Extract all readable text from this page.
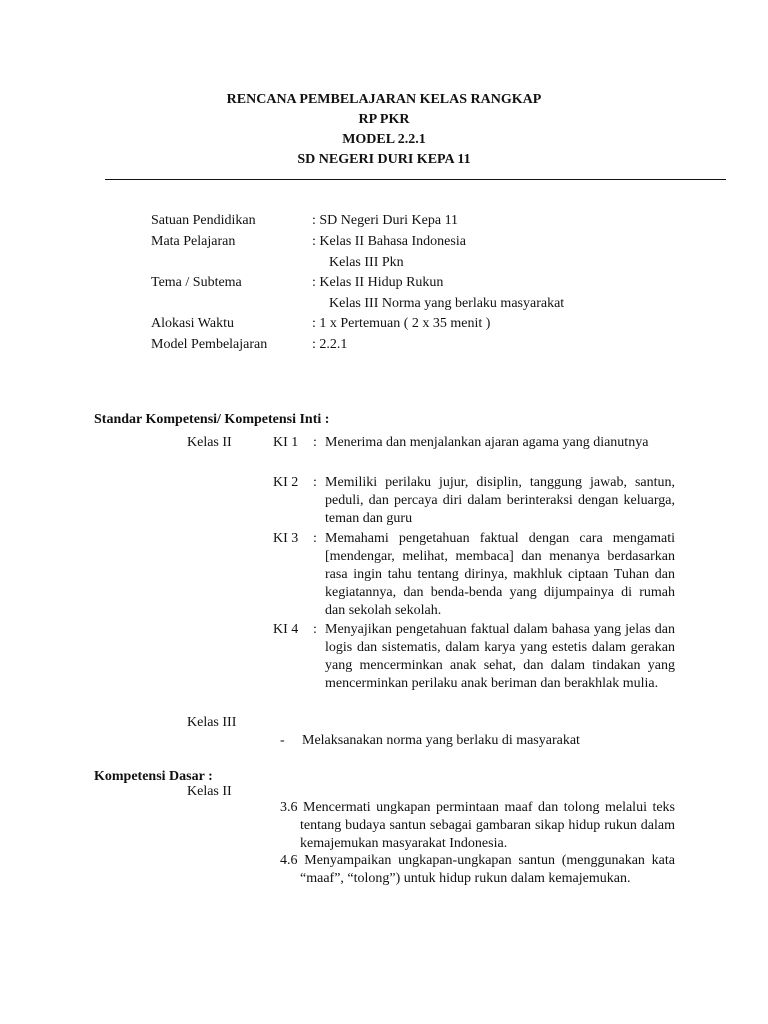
RENCANA PEMBELAJARAN KELAS RANGKAP
RP PKR
MODEL 2.2.1
SD NEGERI DURI KEPA 11
Satuan Pendidikan	: SD Negeri Duri Kepa 11
Mata Pelajaran	: Kelas II Bahasa Indonesia
Kelas III Pkn
Tema / Subtema	: Kelas II Hidup Rukun
Kelas III Norma yang berlaku masyarakat
Alokasi Waktu	: 1 x Pertemuan ( 2 x 35 menit )
Model Pembelajaran	: 2.2.1
Standar Kompetensi/ Kompetensi Inti :
Kelas II	KI 1 : Menerima dan menjalankan ajaran agama yang dianutnya
KI 2 : Memiliki perilaku jujur, disiplin, tanggung jawab, santun, peduli, dan percaya diri dalam berinteraksi dengan keluarga, teman dan guru
KI 3 : Memahami pengetahuan faktual dengan cara mengamati [mendengar, melihat, membaca] dan menanya berdasarkan rasa ingin tahu tentang dirinya, makhluk ciptaan Tuhan dan kegiatannya, dan benda-benda yang dijumpainya di rumah dan sekolah sekolah.
KI 4 : Menyajikan pengetahuan faktual dalam bahasa yang jelas dan logis dan sistematis, dalam karya yang estetis dalam gerakan yang mencerminkan anak sehat, dan dalam tindakan yang mencerminkan perilaku anak beriman dan berakhlak mulia.
Kelas III
- Melaksanakan norma yang berlaku di masyarakat
Kompetensi Dasar :
Kelas II
3.6 Mencermati ungkapan permintaan maaf dan tolong melalui teks tentang budaya santun sebagai gambaran sikap hidup rukun dalam kemajemukan masyarakat Indonesia.
4.6 Menyampaikan ungkapan-ungkapan santun (menggunakan kata “maaf”, “tolong”) untuk hidup rukun dalam kemajemukan.
